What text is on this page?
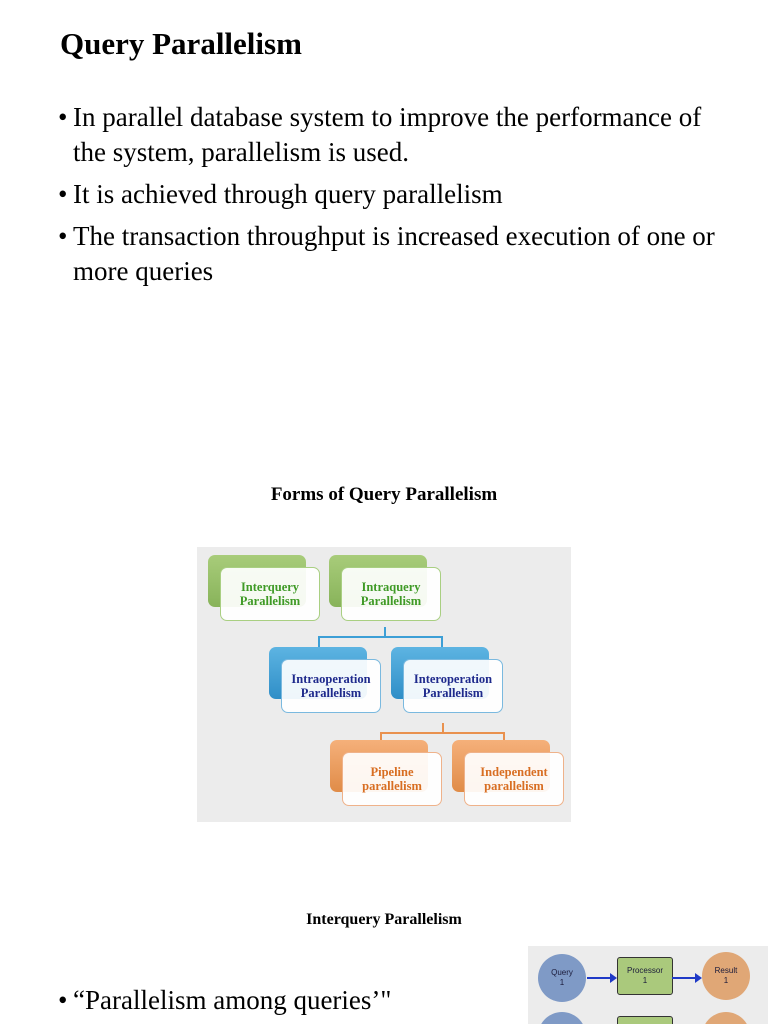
Query Parallelism
• In parallel database system to improve the performance of the system, parallelism is used.
• It is achieved through query parallelism
• The transaction throughput is increased execution of one or more queries
Forms of Query Parallelism
Interquery
Parallelism
Intraquery
Parallelism
Intraoperation
Parallelism
Interoperation
Parallelism
Pipeline
parallelism
Independent
parallelism
Interquery Parallelism
Query
1
Processor
1
Result
1
• “Parallelism among queries’"
